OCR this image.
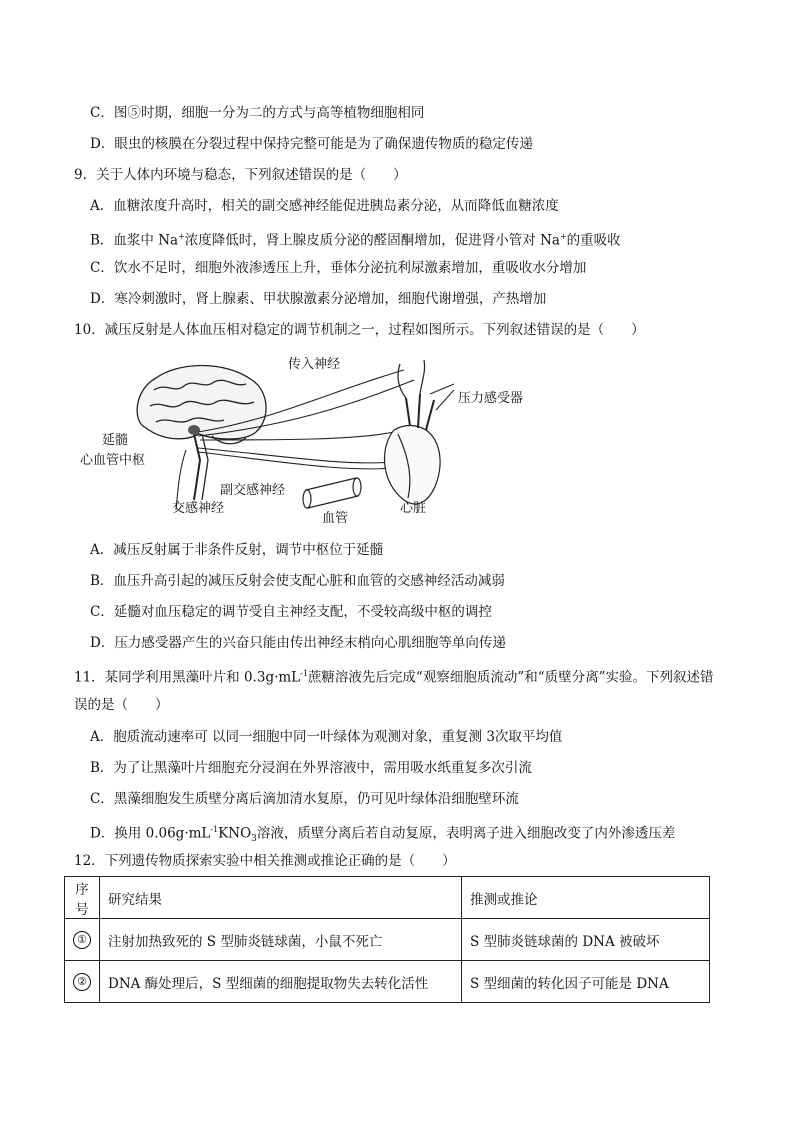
C．图⑤时期，细胞一分为二的方式与高等植物细胞相同
D．眼虫的核膜在分裂过程中保持完整可能是为了确保遗传物质的稳定传递
9．关于人体内环境与稳态，下列叙述错误的是（　　）
A．血糖浓度升高时，相关的副交感神经能促进胰岛素分泌，从而降低血糖浓度
B．血浆中 Na+浓度降低时，肾上腺皮质分泌的醛固酮增加，促进肾小管对 Na+的重吸收
C．饮水不足时，细胞外液渗透压上升，垂体分泌抗利尿激素增加，重吸收水分增加
D．寒冷刺激时，肾上腺素、甲状腺激素分泌增加，细胞代谢增强，产热增加
10．减压反射是人体血压相对稳定的调节机制之一，过程如图所示。下列叙述错误的是（　　）
传入神经
压力感受器
延髓
心血管中枢
副交感神经
交感神经
血管
心脏
A．减压反射属于非条件反射，调节中枢位于延髓
B．血压升高引起的减压反射会使支配心脏和血管的交感神经活动减弱
C．延髓对血压稳定的调节受自主神经支配，不受较高级中枢的调控
D．压力感受器产生的兴奋只能由传出神经末梢向心肌细胞等单向传递
11．某同学利用黑藻叶片和 $0.3g\cdot mL^{-1}$蔗糖溶液先后完成“观察细胞质流动”和“质壁分离”实验。下列叙述错
误的是（　　）
A．胞质流动速率可 以同一细胞中同一叶绿体为观测对象，重复测 3次取平均值
B．为了让黑藻叶片细胞充分浸润在外界溶液中，需用吸水纸重复多次引流
C．黑藻细胞发生质壁分离后滴加清水复原，仍可见叶绿体沿细胞壁环流
D．换用 $0.06g\cdot mL^{-1}KNO_3$溶液，质壁分离后若自动复原，表明离子进入细胞改变了内外渗透压差
12．下列遗传物质探索实验中相关推测或推论正确的是（　　）
序号	研究结果	推测或推论
①	注射加热致死的 S 型肺炎链球菌，小鼠不死亡	S 型肺炎链球菌的 DNA 被破坏
②	DNA 酶处理后，S 型细菌的细胞提取物失去转化活性	S 型细菌的转化因子可能是 DNA
